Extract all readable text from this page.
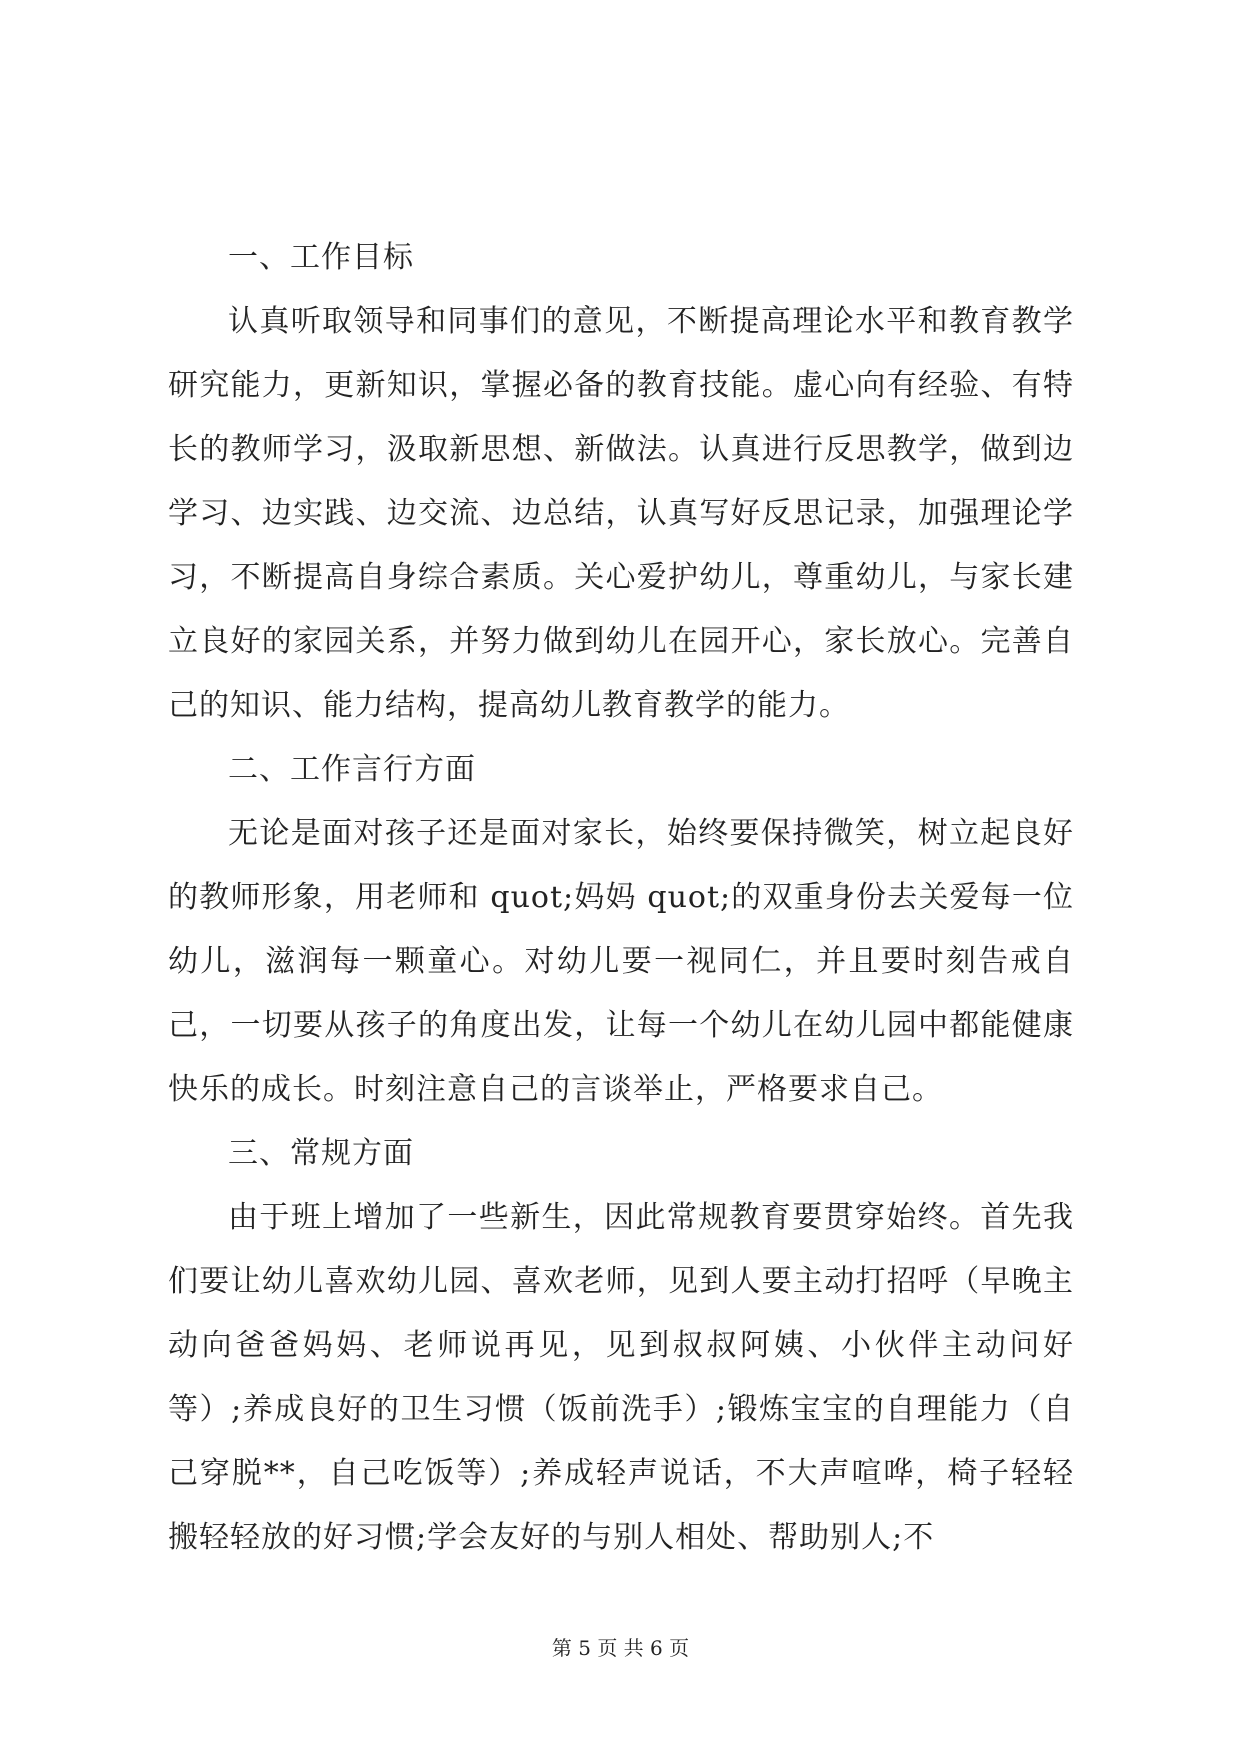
一、工作目标

认真听取领导和同事们的意见，不断提高理论水平和教育教学研究能力，更新知识，掌握必备的教育技能。虚心向有经验、有特长的教师学习，汲取新思想、新做法。认真进行反思教学，做到边学习、边实践、边交流、边总结，认真写好反思记录，加强理论学习，不断提高自身综合素质。关心爱护幼儿，尊重幼儿，与家长建立良好的家园关系，并努力做到幼儿在园开心，家长放心。完善自己的知识、能力结构，提高幼儿教育教学的能力。

二、工作言行方面

无论是面对孩子还是面对家长，始终要保持微笑，树立起良好的教师形象，用老师和 quot;妈妈 quot;的双重身份去关爱每一位幼儿，滋润每一颗童心。对幼儿要一视同仁，并且要时刻告戒自己，一切要从孩子的角度出发，让每一个幼儿在幼儿园中都能健康快乐的成长。时刻注意自己的言谈举止，严格要求自己。

三、常规方面

由于班上增加了一些新生，因此常规教育要贯穿始终。首先我们要让幼儿喜欢幼儿园、喜欢老师，见到人要主动打招呼（早晚主动向爸爸妈妈、老师说再见，见到叔叔阿姨、小伙伴主动问好等）;养成良好的卫生习惯（饭前洗手）;锻炼宝宝的自理能力（自己穿脱**，自己吃饭等）;养成轻声说话，不大声喧哗，椅子轻轻搬轻轻放的好习惯;学会友好的与别人相处、帮助别人;不

第 5 页 共 6 页
